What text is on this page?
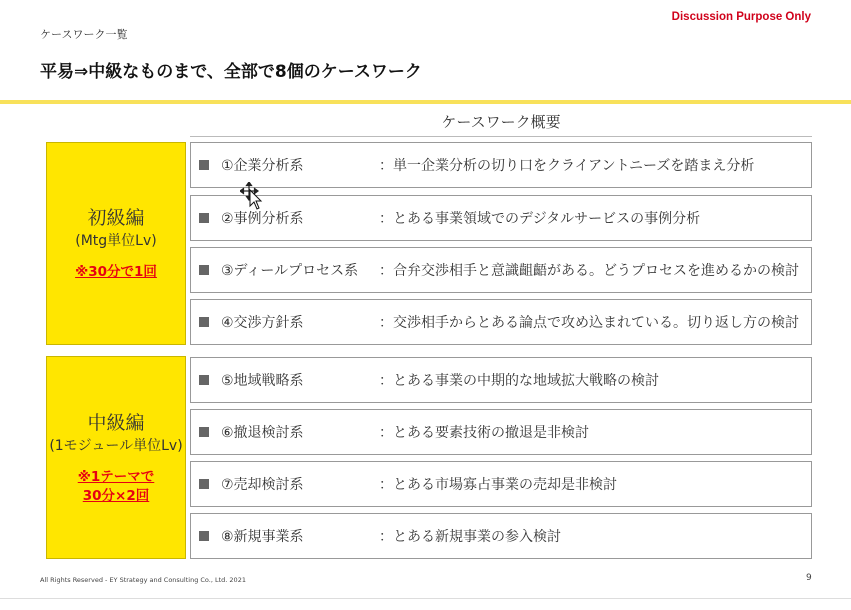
ケースワーク一覧
Discussion Purpose Only
平易⇒中級なものまで、全部で8個のケースワーク
ケースワーク概要
初級編
(Mtg単位Lv)
※30分で1回
中級編
(1モジュール単位Lv)
※1テーマで
30分×2回
①企業分析系	：単一企業分析の切り口をクライアントニーズを踏まえ分析
②事例分析系	：とある事業領域でのデジタルサービスの事例分析
③ディールプロセス系	：合弁交渉相手と意識齟齬がある。どうプロセスを進めるかの検討
④交渉方針系	：交渉相手からとある論点で攻め込まれている。切り返し方の検討
⑤地域戦略系	：とある事業の中期的な地域拡大戦略の検討
⑥撤退検討系	：とある要素技術の撤退是非検討
⑦売却検討系	：とある市場寡占事業の売却是非検討
⑧新規事業系	：とある新規事業の参入検討
All Rights Reserved - EY Strategy and Consulting Co., Ltd. 2021	9
